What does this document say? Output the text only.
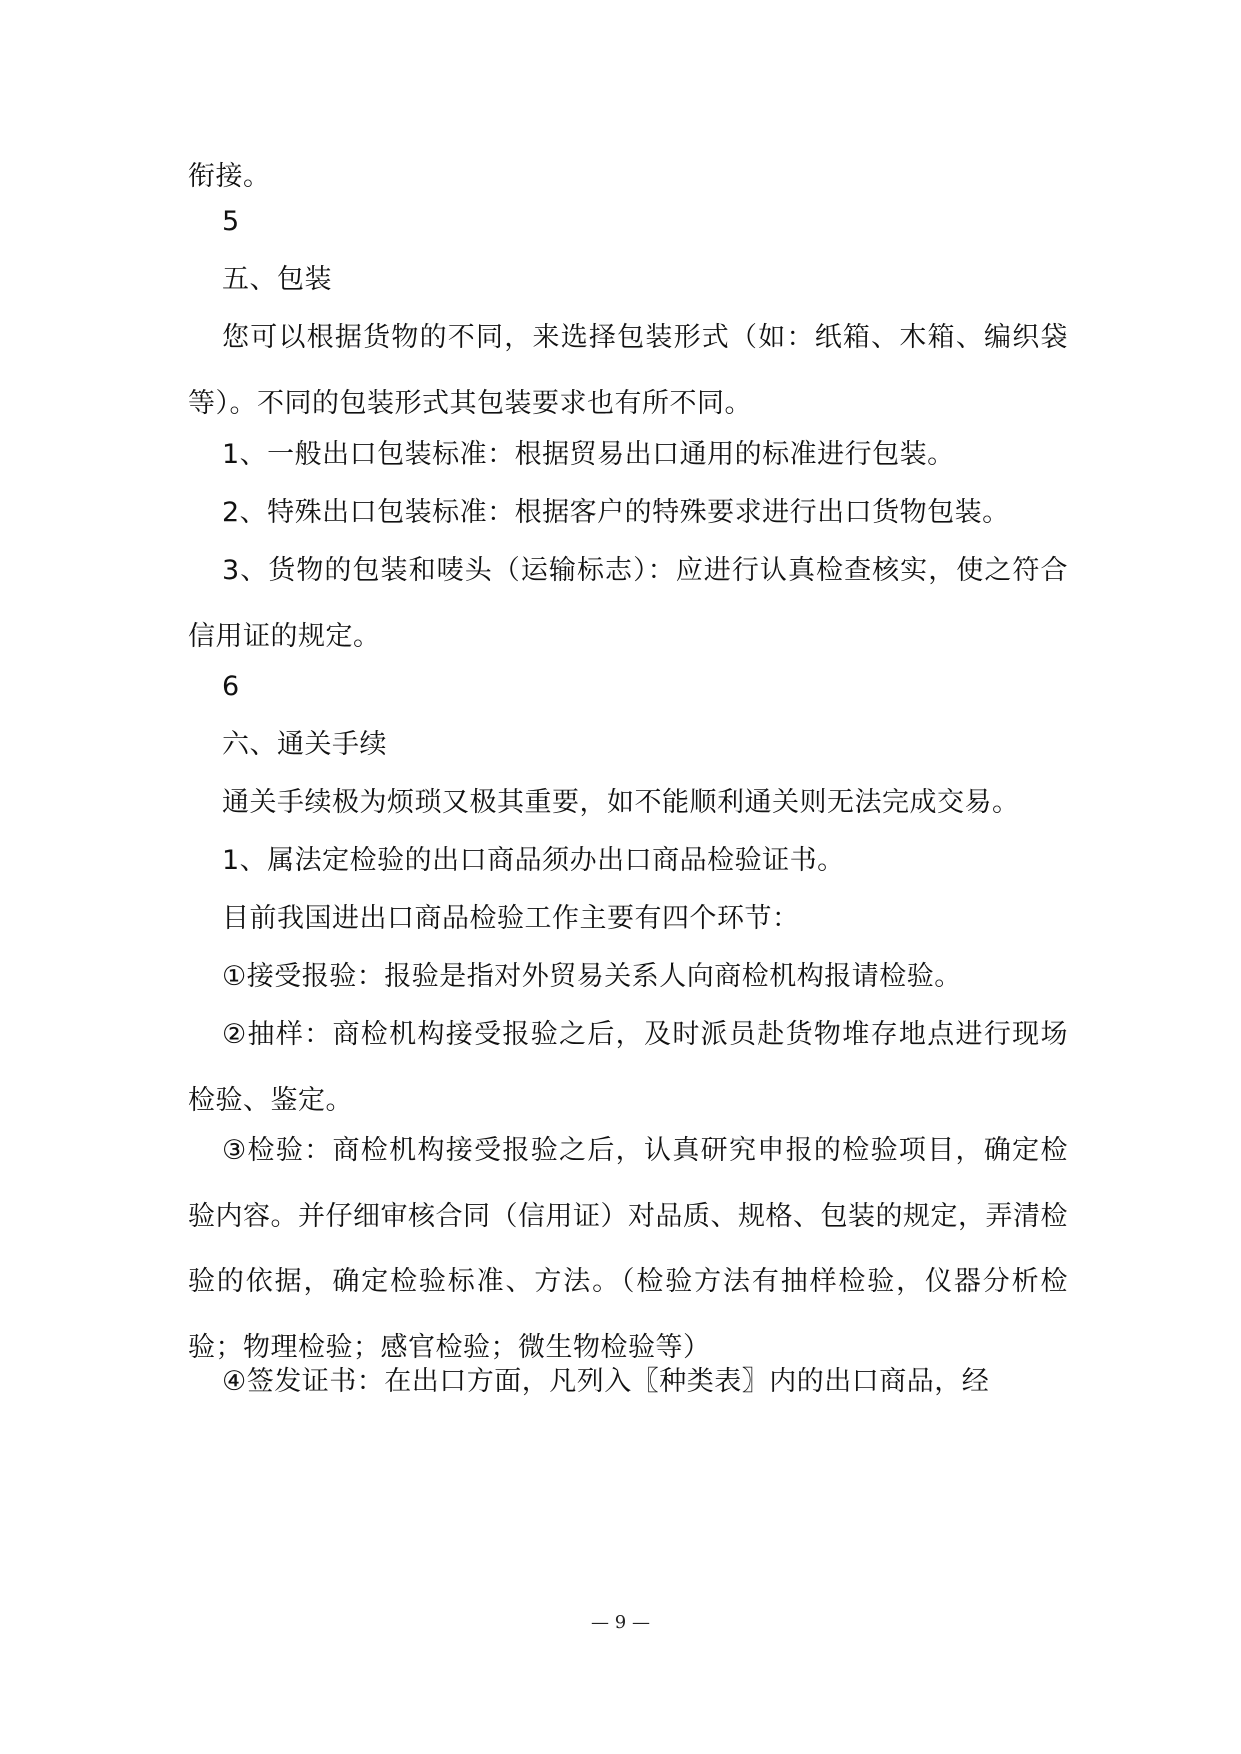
衔接。

5

五、包装

您可以根据货物的不同，来选择包装形式（如：纸箱、木箱、编织袋等）。不同的包装形式其包装要求也有所不同。

1、一般出口包装标准：根据贸易出口通用的标准进行包装。

2、特殊出口包装标准：根据客户的特殊要求进行出口货物包装。

3、货物的包装和唛头（运输标志）：应进行认真检查核实，使之符合信用证的规定。

6

六、通关手续

通关手续极为烦琐又极其重要，如不能顺利通关则无法完成交易。

1、属法定检验的出口商品须办出口商品检验证书。

目前我国进出口商品检验工作主要有四个环节：

①接受报验：报验是指对外贸易关系人向商检机构报请检验。

②抽样：商检机构接受报验之后，及时派员赴货物堆存地点进行现场检验、鉴定。

③检验：商检机构接受报验之后，认真研究申报的检验项目，确定检验内容。并仔细审核合同（信用证）对品质、规格、包装的规定，弄清检验的依据，确定检验标准、方法。（检验方法有抽样检验，仪器分析检验；物理检验；感官检验；微生物检验等）

④签发证书：在出口方面，凡列入〖种类表〗内的出口商品，经

— 9 —
